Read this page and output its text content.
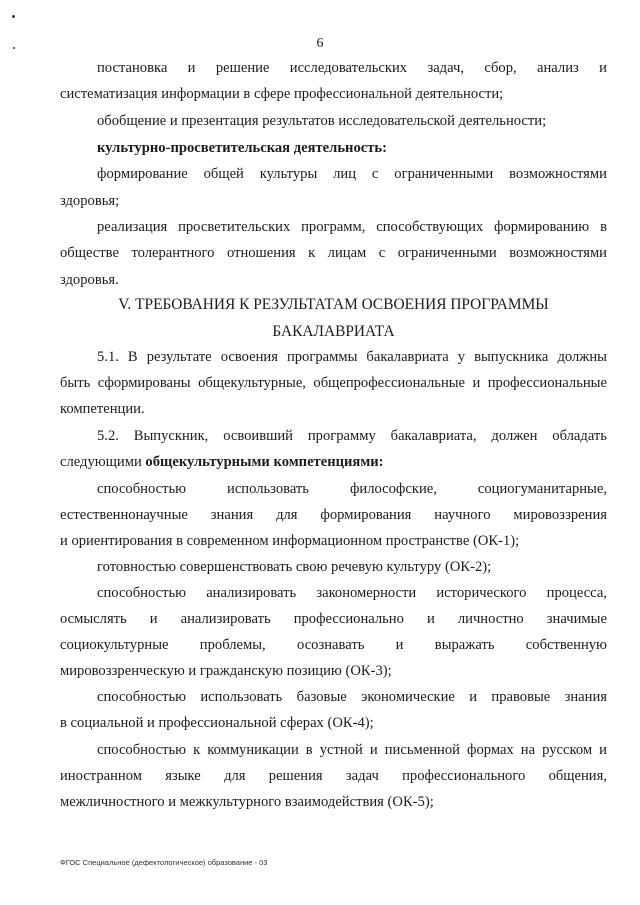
6
постановка и решение исследовательских задач, сбор, анализ и
систематизация информации в сфере профессиональной деятельности;
обобщение и презентация результатов исследовательской деятельности;
культурно-просветительская деятельность:
формирование общей культуры лиц с ограниченными возможностями
здоровья;
реализация просветительских программ, способствующих формированию в
обществе толерантного отношения к лицам с ограниченными возможностями
здоровья.
V. ТРЕБОВАНИЯ К РЕЗУЛЬТАТАМ ОСВОЕНИЯ ПРОГРАММЫ
БАКАЛАВРИАТА
5.1. В результате освоения программы бакалавриата у выпускника должны
быть сформированы общекультурные, общепрофессиональные и профессиональные
компетенции.
5.2. Выпускник, освоивший программу бакалавриата, должен обладать
следующими общекультурными компетенциями:
способностью	использовать	философские,	социогуманитарные,
естественнонаучные знания для формирования научного мировоззрения
и ориентирования в современном информационном пространстве (ОК-1);
готовностью совершенствовать свою речевую культуру (ОК-2);
способностью анализировать закономерности исторического процесса,
осмыслять и анализировать профессионально и личностно значимые
социокультурные проблемы, осознавать и выражать собственную
мировоззренческую и гражданскую позицию (ОК-3);
способностью использовать базовые экономические и правовые знания
в социальной и профессиональной сферах (ОК-4);
способностью к коммуникации в устной и письменной формах на русском и
иностранном языке для решения задач профессионального общения,
межличностного и межкультурного взаимодействия (ОК-5);
ФГОС Специальное (дефектологическое) образование - 03
